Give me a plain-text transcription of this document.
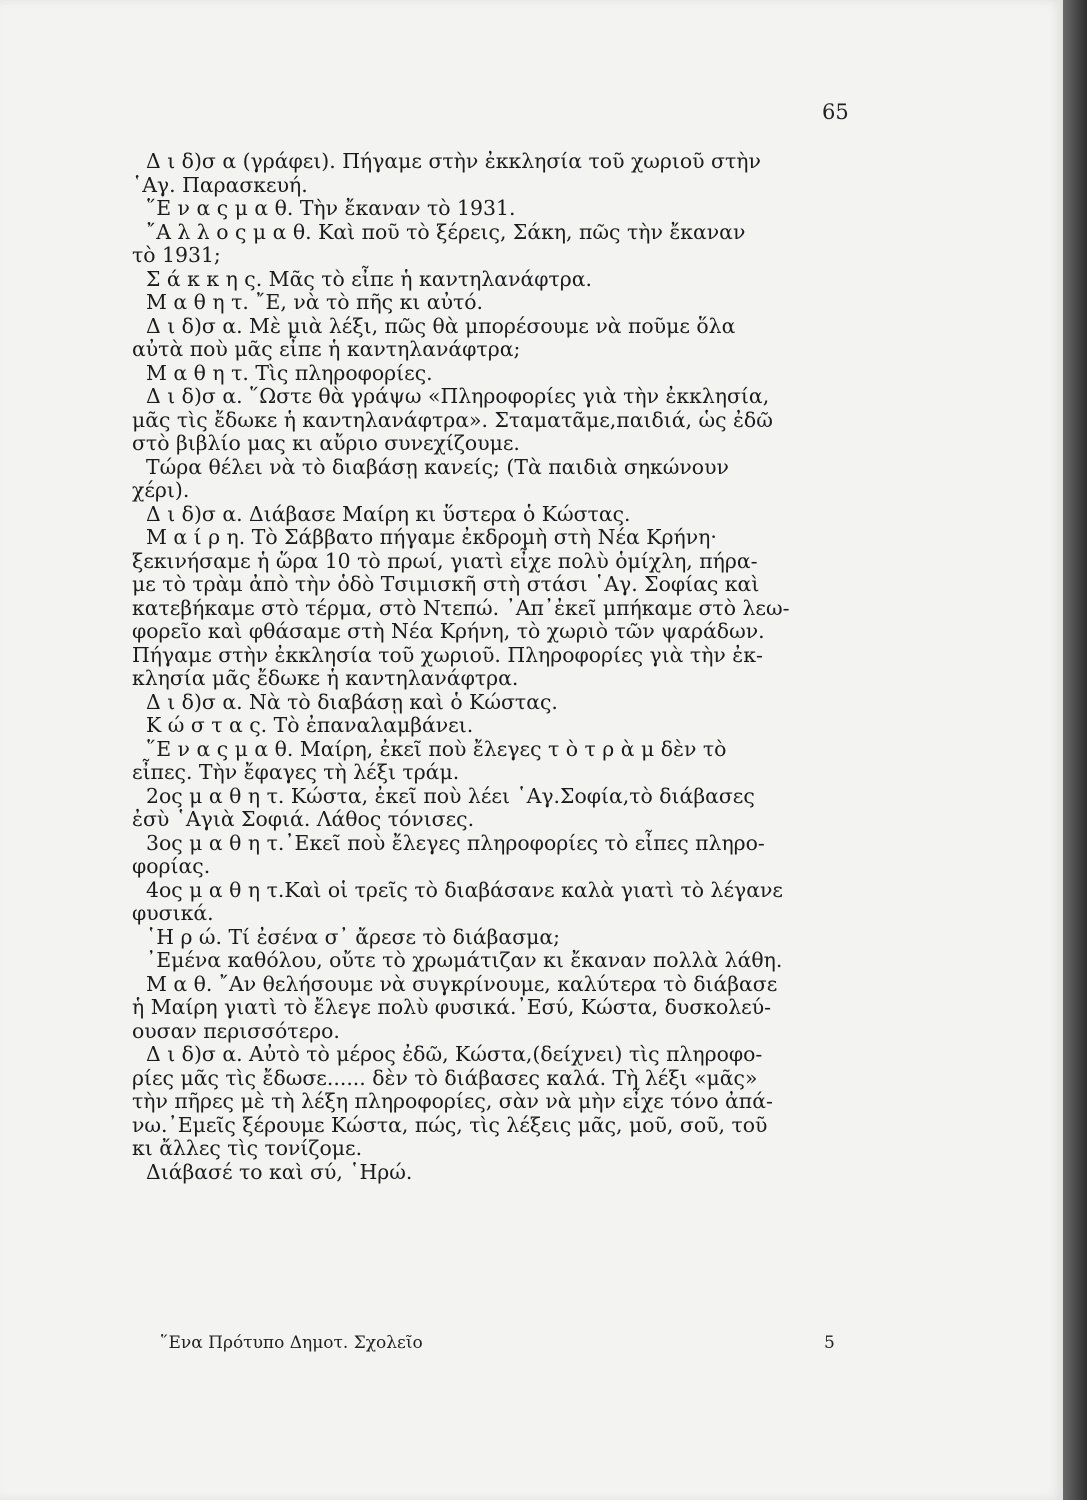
65
Δ ι δ)σ α (γράφει). Πήγαμε στὴν ἐκκλησία τοῦ χωριοῦ στὴν
῾Αγ. Παρασκευή.
῞Ε ν α ς μ α θ. Τὴν ἔκαναν τὸ 1931.
῎Α λ λ ο ς μ α θ. Καὶ ποῦ τὸ ξέρεις, Σάκη, πῶς τὴν ἔκαναν
τὸ 1931;
Σ ά κ κ η ς. Μᾶς τὸ εἶπε ἡ καντηλανάφτρα.
Μ α θ η τ. ῎Ε, νὰ τὸ πῆς κι αὐτό.
Δ ι δ)σ α. Μὲ μιὰ λέξι, πῶς θὰ μπορέσουμε νὰ ποῦμε ὅλα
αὐτὰ ποὺ μᾶς εἶπε ἡ καντηλανάφτρα;
Μ α θ η τ. Τὶς πληροφορίες.
Δ ι δ)σ α. ῞Ωστε θὰ γράψω «Πληροφορίες γιὰ τὴν ἐκκλησία,
μᾶς τὶς ἔδωκε ἡ καντηλανάφτρα». Σταματᾶμε,παιδιά, ὡς ἐδῶ
στὸ βιβλίο μας κι αὔριο συνεχίζουμε.
Τώρα θέλει νὰ τὸ διαβάσῃ κανείς; (Τὰ παιδιὰ σηκώνουν
χέρι).
Δ ι δ)σ α. Διάβασε Μαίρη κι ὕστερα ὁ Κώστας.
Μ α ί ρ η. Τὸ Σάββατο πήγαμε ἐκδρομὴ στὴ Νέα Κρήνη·
ξεκινήσαμε ἡ ὥρα 10 τὸ πρωί, γιατὶ εἶχε πολὺ ὁμίχλη, πήρα-
με τὸ τρὰμ ἀπὸ τὴν ὁδὸ Τσιμισκῆ στὴ στάσι ῾Αγ. Σοφίας καὶ
κατεβήκαμε στὸ τέρμα, στὸ Ντεπώ. ᾿Απ᾿ἐκεῖ μπήκαμε στὸ λεω-
φορεῖο καὶ φθάσαμε στὴ Νέα Κρήνη, τὸ χωριὸ τῶν ψαράδων.
Πήγαμε στὴν ἐκκλησία τοῦ χωριοῦ. Πληροφορίες γιὰ τὴν ἐκ-
κλησία μᾶς ἔδωκε ἡ καντηλανάφτρα.
Δ ι δ)σ α. Νὰ τὸ διαβάσῃ καὶ ὁ Κώστας.
Κ ώ σ τ α ς. Τὸ ἐπαναλαμβάνει.
῞Ε ν α ς μ α θ. Μαίρη, ἐκεῖ ποὺ ἔλεγες τ ὸ τ ρ ὰ μ δὲν τὸ
εἶπες. Τὴν ἔφαγες τὴ λέξι τράμ.
2ος μ α θ η τ. Κώστα, ἐκεῖ ποὺ λέει ῾Αγ.Σοφία,τὸ διάβασες
ἐσὺ ῾Αγιὰ Σοφιά. Λάθος τόνισες.
3ος μ α θ η τ.᾿Εκεῖ ποὺ ἔλεγες πληροφορίες τὸ εἶπες πληρο-
φορίας.
4ος μ α θ η τ.Καὶ οἱ τρεῖς τὸ διαβάσανε καλὰ γιατὶ τὸ λέγανε
φυσικά.
῾Η ρ ώ. Τί ἐσένα σ᾿ ἄρεσε τὸ διάβασμα;
᾿Εμένα καθόλου, οὔτε τὸ χρωμάτιζαν κι ἔκαναν πολλὰ λάθη.
Μ α θ. ῎Αν θελήσουμε νὰ συγκρίνουμε, καλύτερα τὸ διάβασε
ἡ Μαίρη γιατὶ τὸ ἔλεγε πολὺ φυσικά.᾿Εσύ, Κώστα, δυσκολεύ-
ουσαν περισσότερο.
Δ ι δ)σ α. Αὐτὸ τὸ μέρος ἐδῶ, Κώστα,(δείχνει) τὶς πληροφο-
ρίες μᾶς τὶς ἔδωσε...... δὲν τὸ διάβασες καλά. Τὴ λέξι «μᾶς»
τὴν πῆρες μὲ τὴ λέξη πληροφορίες, σὰν νὰ μὴν εἶχε τόνο ἀπά-
νω.᾿Εμεῖς ξέρουμε Κώστα, πώς, τὶς λέξεις μᾶς, μοῦ, σοῦ, τοῦ
κι ἄλλες τὶς τονίζομε.
Διάβασέ το καὶ σύ, ῾Ηρώ.
῞Ενα Πρότυπο Δημοτ. Σχολεῖο	5
